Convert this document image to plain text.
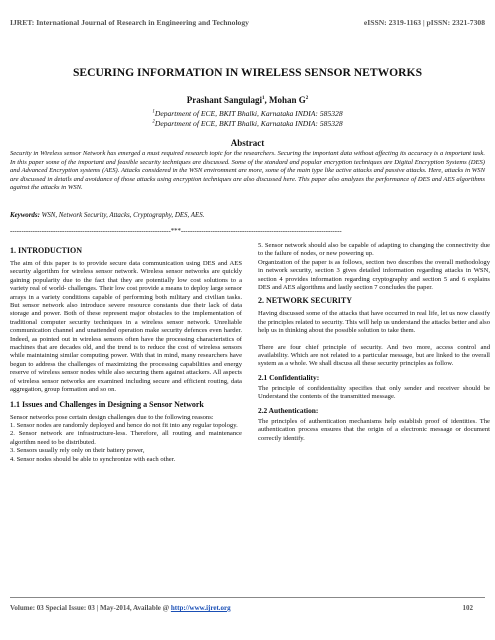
IJRET: International Journal of Research in Engineering and Technology	eISSN: 2319-1163 | pISSN: 2321-7308
SECURING INFORMATION IN WIRELESS SENSOR NETWORKS
Prashant Sangulagi$^1$, Mohan $G^2$
$^1$Department of ECE, BKIT Bhalki, Karnataka INDIA: 585328
$^2$Department of ECE, BKIT Bhalki, Karnataka INDIA: 585328
Abstract
Security in Wireless sensor Network has emerged a must required research topic for the researchers. Securing the important data without affecting its accuracy is a important task. In this paper some of the important and feasible security techniques are discussed. Some of the standard and popular encryption techniques are Digital Encryption Systems (DES) and Advanced Encryption systems (AES). Attacks considered in the WSN environment are more, some of the main type like active attacks and passive attacks. Here, attacks in WSN are discussed in details and avoidance of those attacks using encryption techniques are also discussed here. This paper also analyzes the performance of DES and AES algorithms against the attacks in WSN.
Keywords: WSN, Network Security, Attacks, Cryptography, DES, AES.
-----------------------------------------------------------------------***-----------------------------------------------------------------------
1. INTRODUCTION

The aim of this paper is to provide secure data communication using DES and AES security algorithm for wireless sensor network. Wireless sensor networks are quickly gaining popularity due to the fact that they are potentially low cost solutions to a variety real of world- challenges. Their low cost provide a means to deploy large sensor arrays in a variety conditions capable of performing both military and civilian tasks. But sensor network also introduce severe resource constants due their lack of data storage and power. Both of these represent major obstacles to the implementation of traditional computer security techniques in a wireless sensor network. Unreliable communication channel and unattended operation make security defences even harder. Indeed, as pointed out in wireless sensors often have the processing characteristics of machines that are decades old, and the trend is to reduce the cost of wireless sensors while maintaining similar computing power. With that in mind, many researchers have begun to address the challenges of maximizing the processing capabilities and energy reserve of wireless sensor nodes while also securing them against attackers. All aspects of wireless sensor networks are examined including secure and efficient routing, data aggregation, group formation and so on.

1.1 Issues and Challenges in Designing a Sensor Network

Sensor networks pose certain design challenges due to the following reasons:

1. Sensor nodes are randomly deployed and hence do not fit into any regular topology.

2. Sensor network are infrastructure-less. Therefore, all routing and maintenance algorithm need to be distributed.

3. Sensors usually rely only on their battery power,

4. Sensor nodes should be able to synchronize with each other.

5. Sensor network should also be capable of adapting to changing the connectivity due to the failure of nodes, or new powering up.

Organization of the paper is as follows, section two describes the overall methodology in network security, section 3 gives detailed information regarding attacks in WSN, section 4 provides information regarding cryptography and section 5 and 6 explains DES and AES algorithms and lastly section 7 concludes the paper.

2. NETWORK SECURITY

Having discussed some of the attacks that have occurred in real life, let us now classify the principles related to security. This will help us understand the attacks better and also help us in thinking about the possible solution to take them.

There are four chief principle of security. And two more, access control and availability. Which are not related to a particular message, but are linked to the overall system as a whole. We shall discuss all these security principles as follow.

2.1 Confidentiality:

The principle of confidentiality specifies that only sender and receiver should be Understand the contents of the transmitted message.

2.2 Authentication:

The principles of authentication mechanisms help establish proof of identities. The authentication process ensures that the origin of a electronic message or document correctly identify.

Volume: 03 Special Issue: 03 | May-2014, Available @ http://www.ijret.org	102
